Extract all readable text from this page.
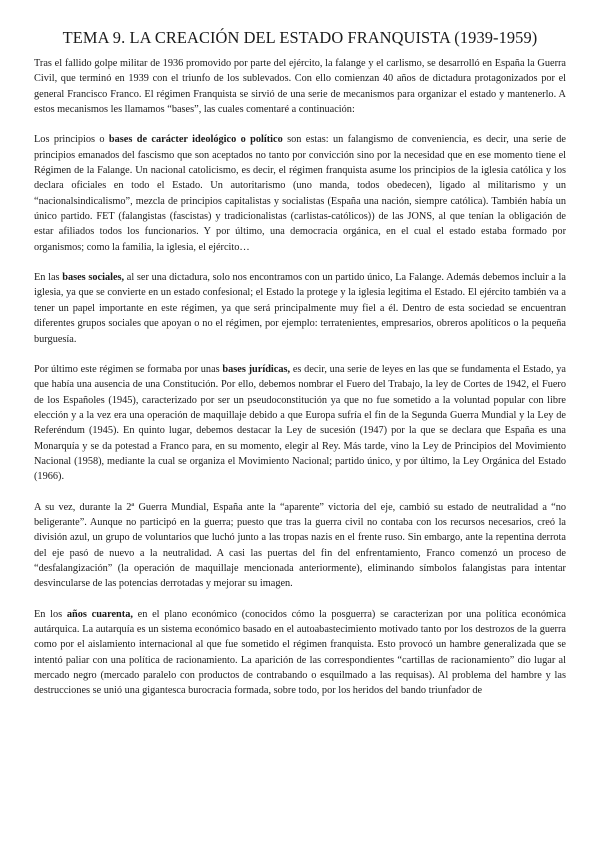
TEMA 9. LA CREACIÓN DEL ESTADO FRANQUISTA (1939-1959)

Tras el fallido golpe militar de 1936 promovido por parte del ejército, la falange y el carlismo, se desarrolló en España la Guerra Civil, que terminó en 1939 con el triunfo de los sublevados. Con ello comienzan 40 años de dictadura protagonizados por el general Francisco Franco. El régimen Franquista se sirvió de una serie de mecanismos para organizar el estado y mantenerlo. A estos mecanismos les llamamos “bases”, las cuales comentaré a continuación:

Los principios o bases de carácter ideológico o político son estas: un falangismo de conveniencia, es decir, una serie de principios emanados del fascismo que son aceptados no tanto por convicción sino por la necesidad que en ese momento tiene el Régimen de la Falange. Un nacional catolicismo, es decir, el régimen franquista asume los principios de la iglesia católica y los declara oficiales en todo el Estado. Un autoritarismo (uno manda, todos obedecen), ligado al militarismo y un “nacionalsindicalismo”, mezcla de principios capitalistas y socialistas (España una nación, siempre católica). También había un único partido. FET (falangistas (fascistas) y tradicionalistas (carlistas-católicos)) de las JONS, al que tenían la obligación de estar afiliados todos los funcionarios. Y por último, una democracia orgánica, en el cual el estado estaba formado por organismos; como la familia, la iglesia, el ejército…

En las bases sociales, al ser una dictadura, solo nos encontramos con un partido único, La Falange. Además debemos incluir a la iglesia, ya que se convierte en un estado confesional; el Estado la protege y la iglesia legitima el Estado. El ejército también va a tener un papel importante en este régimen, ya que será principalmente muy fiel a él. Dentro de esta sociedad se encuentran diferentes grupos sociales que apoyan o no el régimen, por ejemplo: terratenientes, empresarios, obreros apolíticos o la pequeña burguesía.

Por último este régimen se formaba por unas bases jurídicas, es decir, una serie de leyes en las que se fundamenta el Estado, ya que había una ausencia de una Constitución. Por ello, debemos nombrar el Fuero del Trabajo, la ley de Cortes de 1942, el Fuero de los Españoles (1945), caracterizado por ser un pseudoconstitución ya que no fue sometido a la voluntad popular con libre elección y a la vez era una operación de maquillaje debido a que Europa sufría el fin de la Segunda Guerra Mundial y la Ley de Referéndum (1945). En quinto lugar, debemos destacar la Ley de sucesión (1947) por la que se declara que España es una Monarquía y se da potestad a Franco para, en su momento, elegir al Rey. Más tarde, vino la Ley de Principios del Movimiento Nacional (1958), mediante la cual se organiza el Movimiento Nacional; partido único, y por último, la Ley Orgánica del Estado (1966).

A su vez, durante la 2ª Guerra Mundial, España ante la “aparente” victoria del eje, cambió su estado de neutralidad a “no beligerante”. Aunque no participó en la guerra; puesto que tras la guerra civil no contaba con los recursos necesarios, creó la división azul, un grupo de voluntarios que luchó junto a las tropas nazis en el frente ruso. Sin embargo, ante la repentina derrota del eje pasó de nuevo a la neutralidad. A casi las puertas del fin del enfrentamiento, Franco comenzó un proceso de “desfalangización” (la operación de maquillaje mencionada anteriormente), eliminando símbolos falangistas para intentar desvincularse de las potencias derrotadas y mejorar su imagen.

En los años cuarenta, en el plano económico (conocidos cómo la posguerra) se caracterizan por una política económica autárquica. La autarquía es un sistema económico basado en el autoabastecimiento motivado tanto por los destrozos de la guerra como por el aislamiento internacional al que fue sometido el régimen franquista. Esto provocó un hambre generalizada que se intentó paliar con una política de racionamiento. La aparición de las correspondientes “cartillas de racionamiento” dio lugar al mercado negro (mercado paralelo con productos de contrabando o esquilmado a las requisas). Al problema del hambre y las destrucciones se unió una gigantesca burocracia formada, sobre todo, por los heridos del bando triunfador de
